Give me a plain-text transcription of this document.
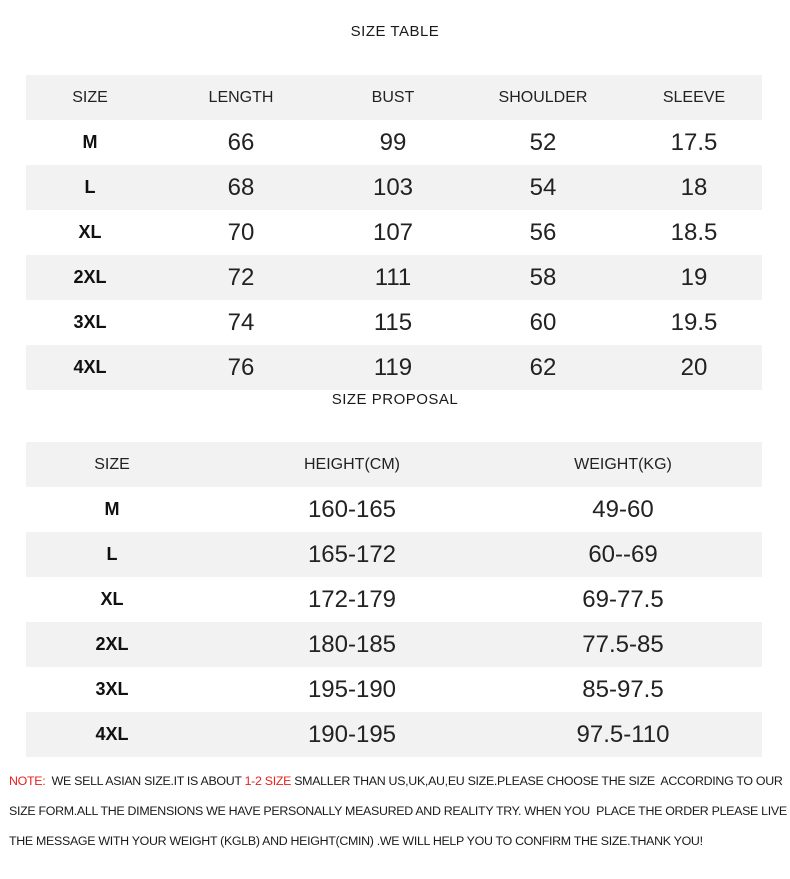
SIZE TABLE
SIZE	LENGTH	BUST	SHOULDER	SLEEVE
M	66	99	52	17.5
L	68	103	54	18
XL	70	107	56	18.5
2XL	72	111	58	19
3XL	74	115	60	19.5
4XL	76	119	62	20
SIZE PROPOSAL
SIZE	HEIGHT(CM)	WEIGHT(KG)
M	160-165	49-60
L	165-172	60--69
XL	172-179	69-77.5
2XL	180-185	77.5-85
3XL	195-190	85-97.5
4XL	190-195	97.5-110
NOTE:  WE SELL ASIAN SIZE.IT IS ABOUT 1-2 SIZE SMALLER THAN US,UK,AU,EU SIZE.PLEASE CHOOSE THE SIZE  ACCORDING TO OUR SIZE FORM.ALL THE DIMENSIONS WE HAVE PERSONALLY MEASURED AND REALITY TRY. WHEN YOU  PLACE THE ORDER PLEASE LIVE THE MESSAGE WITH YOUR WEIGHT (KGLB) AND HEIGHT(CMIN) .WE WILL HELP YOU TO CONFIRM THE SIZE.THANK YOU!
